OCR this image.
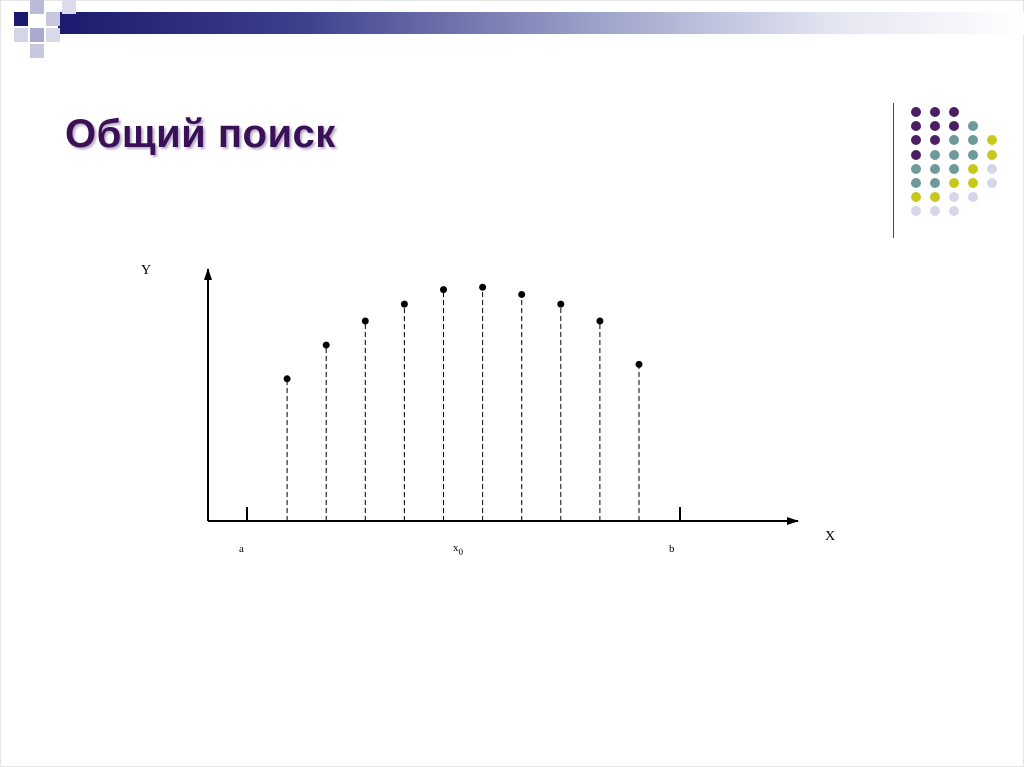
Общий поиск
Y
X
a	$x_0$	b
